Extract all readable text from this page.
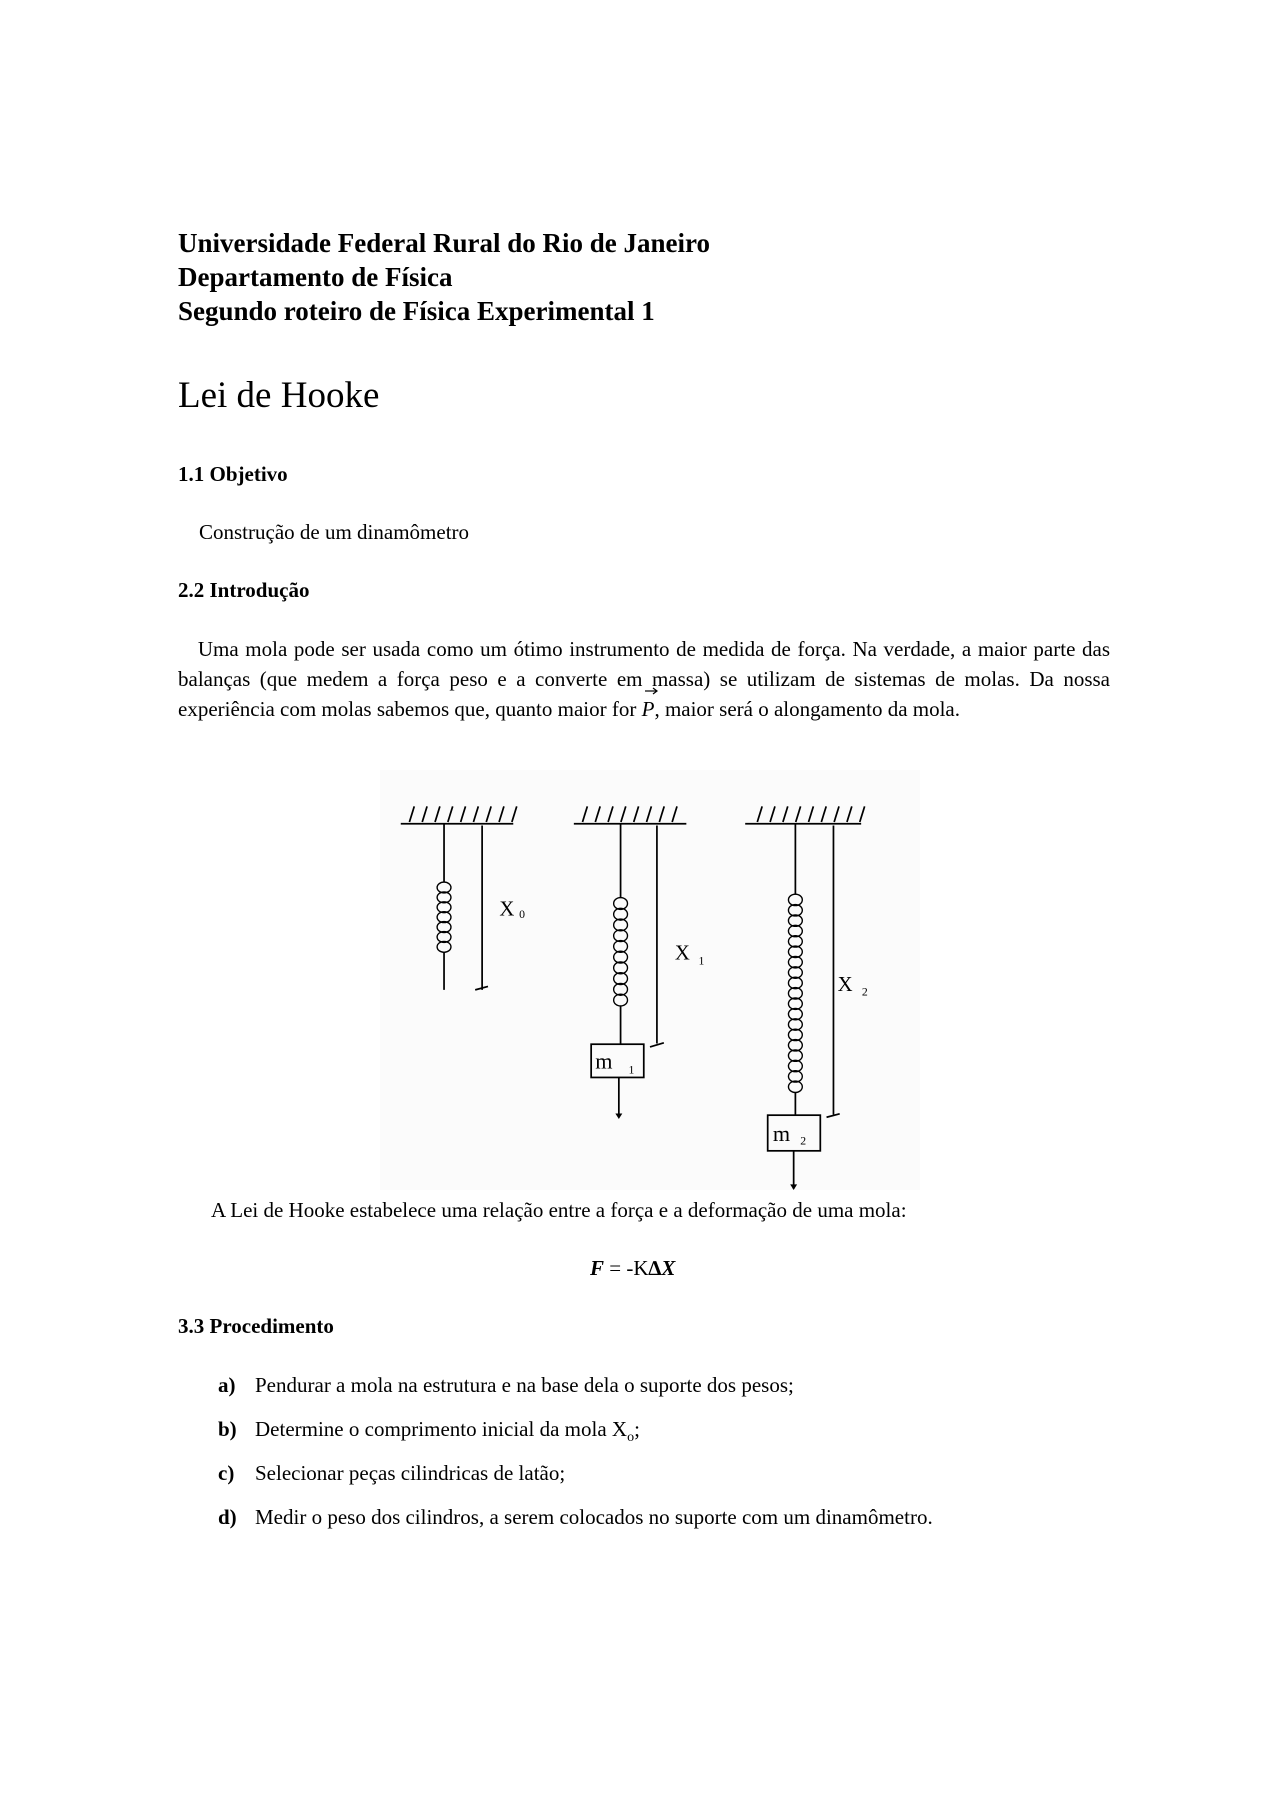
Universidade Federal Rural do Rio de Janeiro
Departamento de Física
Segundo roteiro de Física Experimental 1
Lei de Hooke
1.1 Objetivo
Construção de um dinamômetro
2.2 Introdução

Uma mola pode ser usada como um ótimo instrumento de medida de força. Na verdade, a maior parte das balanças (que medem a força peso e a converte em massa) se utilizam de sistemas de molas. Da nossa experiência com molas sabemos que, quanto maior for P, maior será o alongamento da mola.

X 0
X 1
X 2
m 1
m 2
A Lei de Hooke estabelece uma relação entre a força e a deformação de uma mola:
F = -K∆X
3.3 Procedimento
a) Pendurar a mola na estrutura e na base dela o suporte dos pesos;
b) Determine o comprimento inicial da mola $X_o$;
c) Selecionar peças cilindricas de latão;
d) Medir o peso dos cilindros, a serem colocados no suporte com um dinamômetro.
